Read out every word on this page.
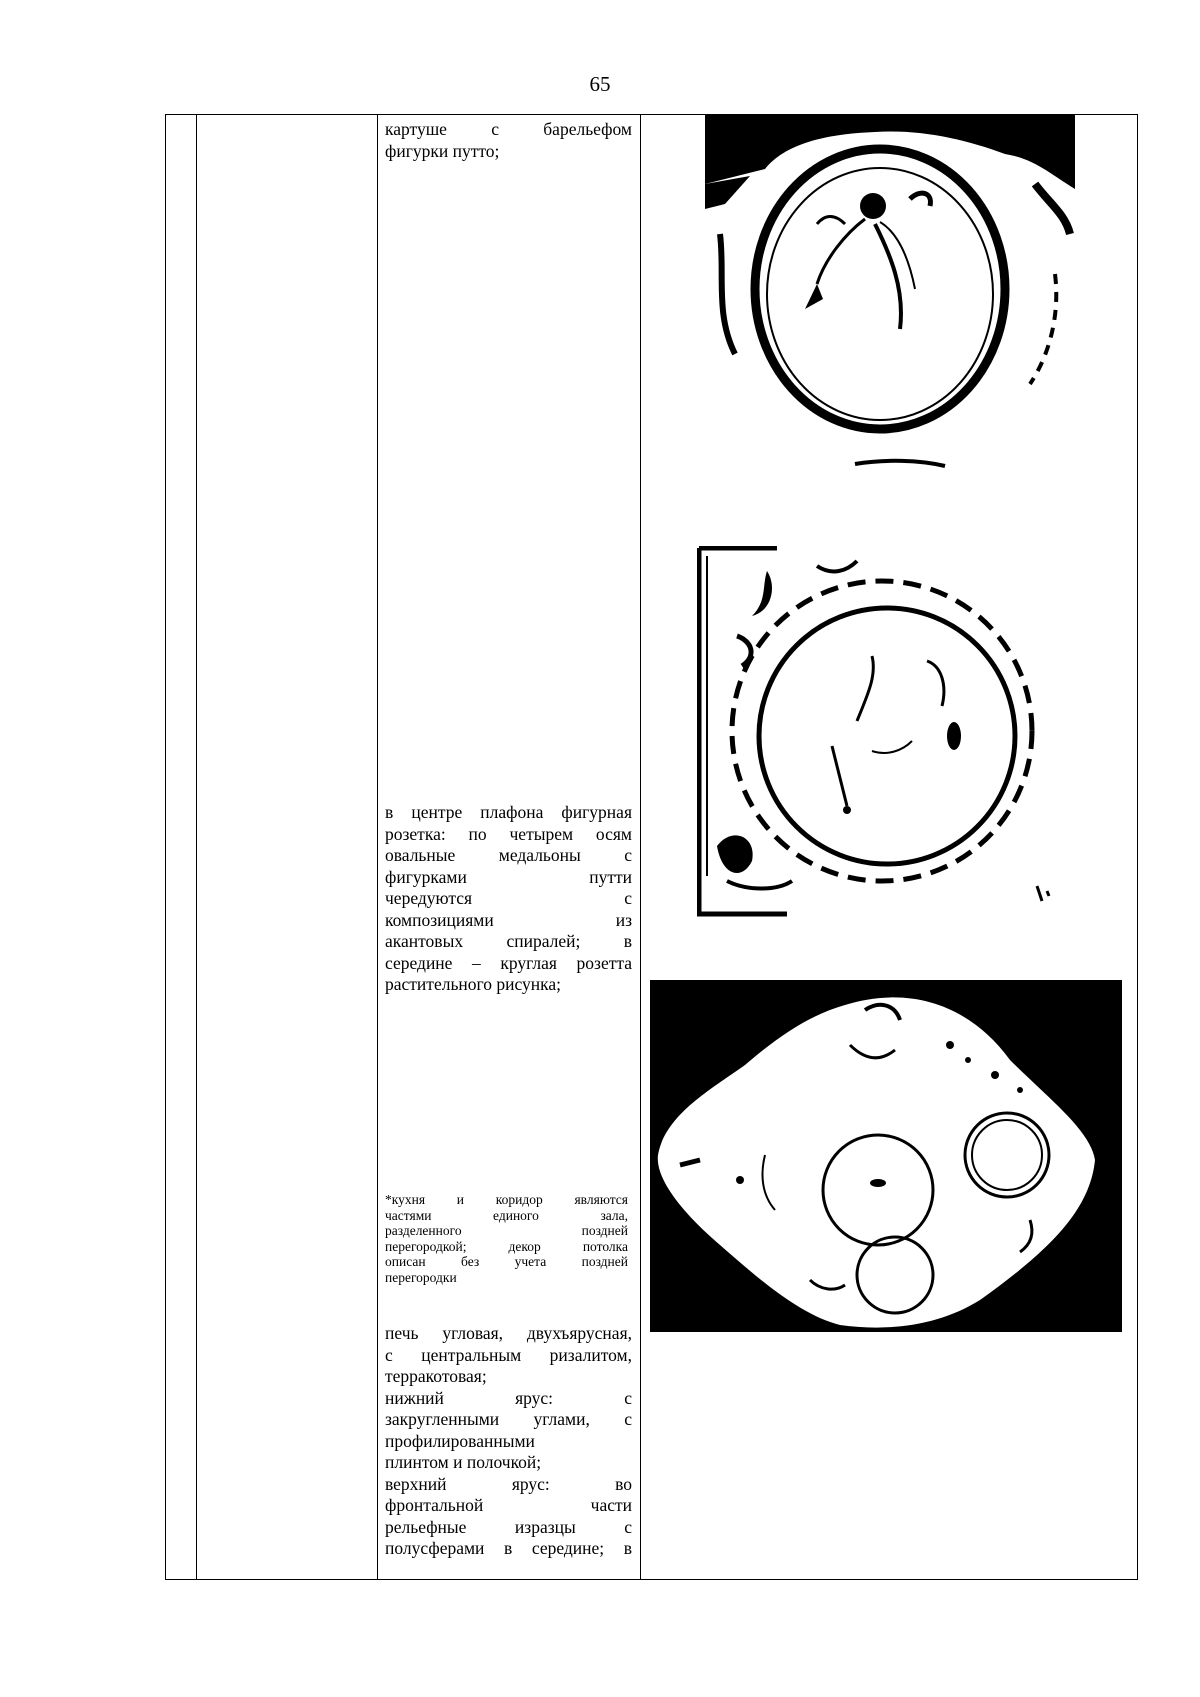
65
картуше с барельефом
фигурки путто;
в центре плафона фигурная
розетка: по четырем осям
овальные медальоны с
фигурками путти
чередуются с
композициями из
акантовых спиралей; в
середине – круглая розетта
растительного рисунка;
*кухня и коридор являются
частями единого зала,
разделенного поздней
перегородкой; декор потолка
описан без учета поздней
перегородки
печь угловая, двухъярусная,
с центральным ризалитом,
терракотовая;
нижний ярус: с
закругленными углами, с
профилированными
плинтом и полочкой;
верхний ярус: во
фронтальной части
рельефные изразцы с
полусферами в середине; в
